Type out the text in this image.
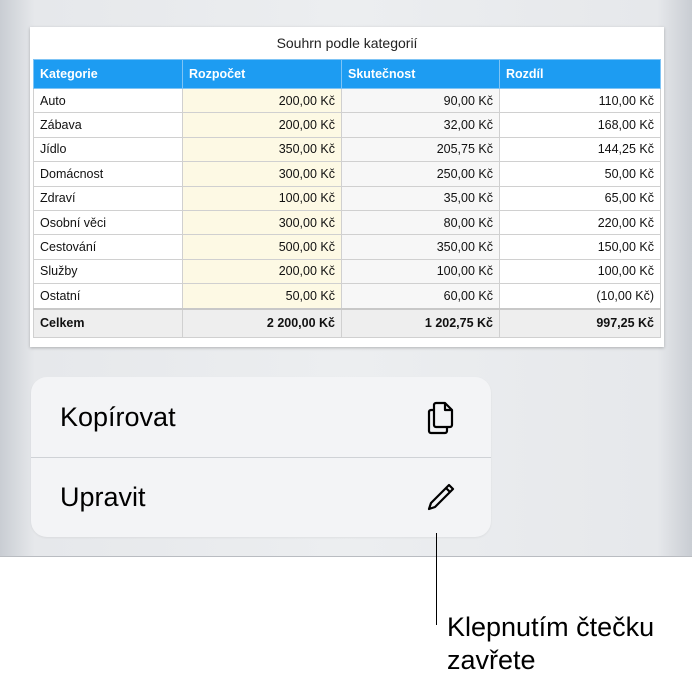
Souhrn podle kategorií
Kategorie	Rozpočet	Skutečnost	Rozdíl
Auto	200,00 Kč	90,00 Kč	110,00 Kč
Zábava	200,00 Kč	32,00 Kč	168,00 Kč
Jídlo	350,00 Kč	205,75 Kč	144,25 Kč
Domácnost	300,00 Kč	250,00 Kč	50,00 Kč
Zdraví	100,00 Kč	35,00 Kč	65,00 Kč
Osobní věci	300,00 Kč	80,00 Kč	220,00 Kč
Cestování	500,00 Kč	350,00 Kč	150,00 Kč
Služby	200,00 Kč	100,00 Kč	100,00 Kč
Ostatní	50,00 Kč	60,00 Kč	(10,00 Kč)
Celkem	2 200,00 Kč	1 202,75 Kč	997,25 Kč
Kopírovat
Upravit
Klepnutím čtečku
zavřete
